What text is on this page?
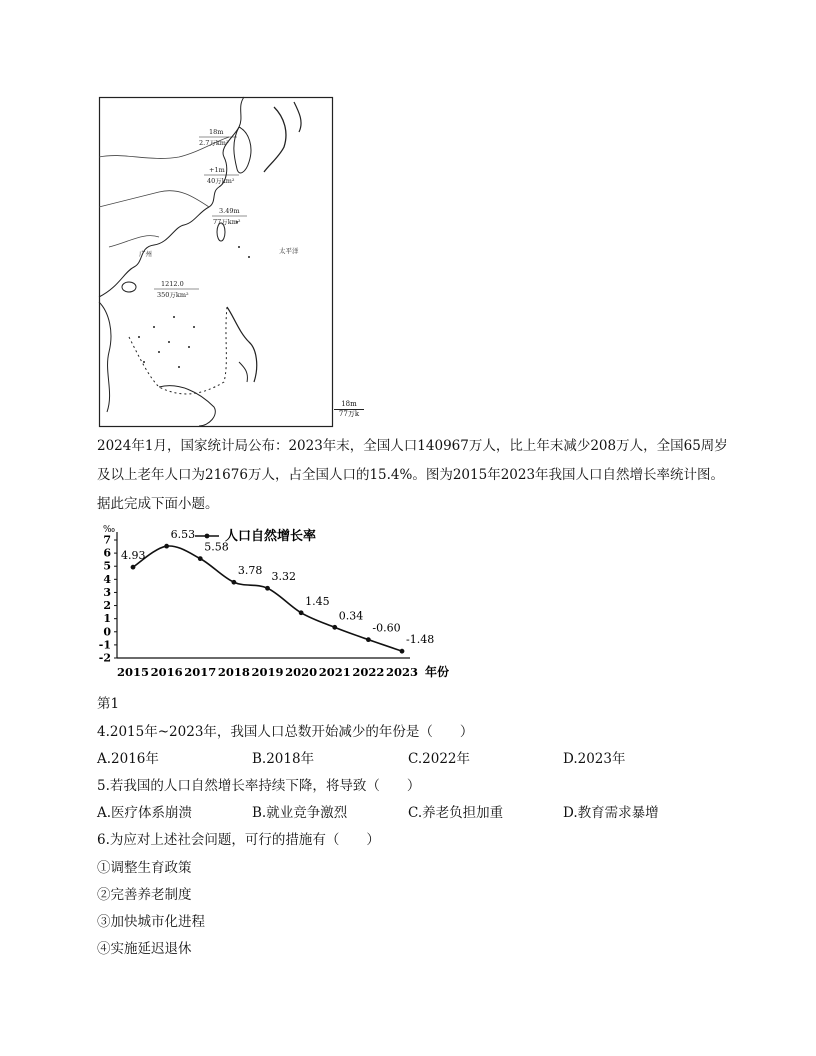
18m
2.7万km²
+1m
40万km²
3.49m
77万km²
1212.0
350万km²
太平洋
广州
18m
77万k
2024年1月，国家统计局公布：2023年末，全国人口140967万人，比上年末减少208万人，全国65周岁
及以上老年人口为21676万人，占全国人口的15.4%。图为2015年2023年我国人口自然增长率统计图。
据此完成下面小题。
‰
7
6
5
4
3
2
1
0
-1
-2
2015 2016 2017 2018 2019 2020 2021 2022 2023 年份
4.93
6.53
5.58
3.78 3.32
1.45
0.34
-0.60
-1.48
人口自然增长率
第1
4.2015年~2023年，我国人口总数开始减少的年份是（　　）
A.2016年	B.2018年	C.2022年	D.2023年
5.若我国的人口自然增长率持续下降，将导致（　　）
A.医疗体系崩溃	B.就业竞争激烈	C.养老负担加重	D.教育需求暴增
6.为应对上述社会问题，可行的措施有（　　）
①调整生育政策
②完善养老制度
③加快城市化进程
④实施延迟退休
